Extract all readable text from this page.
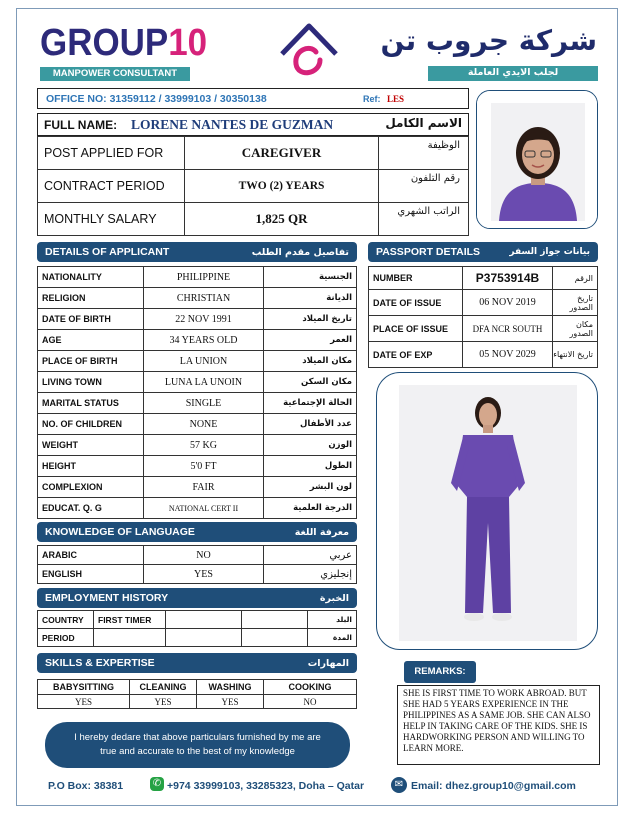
GROUP10
MANPOWER CONSULTANT
شركة جروب تن
لجلب الايدي العاملة
OFFICE NO: 31359112 / 33999103 / 30350138	Ref: LES
FULL NAME: LORENE NANTES DE GUZMAN	الاسم الكامل
POST APPLIED FOR	CAREGIVER	الوظيفة
CONTRACT PERIOD	TWO (2) YEARS	رقم التلفون
MONTHLY SALARY	1,825 QR	الراتب الشهري
DETAILS OF APPLICANT	تفاصيل مقدم الطلب
NATIONALITY	PHILIPPINE	الجنسية
RELIGION	CHRISTIAN	الديانة
DATE OF BIRTH	22 NOV 1991	تاريخ الميلاد
AGE	34 YEARS OLD	العمر
PLACE OF BIRTH	LA UNION	مكان الميلاد
LIVING TOWN	LUNA LA UNOIN	مكان السكن
MARITAL STATUS	SINGLE	الحالة الإجتماعية
NO. OF CHILDREN	NONE	عدد الأطفال
WEIGHT	57 KG	الوزن
HEIGHT	5'0 FT	الطول
COMPLEXION	FAIR	لون البشر
EDUCAT. Q. G	NATIONAL CERT II	الدرجة العلمية
PASSPORT DETAILS	بيانات جواز السفر
NUMBER	P3753914B	الرقم
DATE OF ISSUE	06 NOV 2019	تاريخ الصدور
PLACE OF ISSUE	DFA NCR SOUTH	مكان الصدور
DATE OF EXP	05 NOV 2029	تاريخ الانتهاء
KNOWLEDGE OF LANGUAGE	معرفة اللغة
ARABIC	NO	عربي
ENGLISH	YES	إنجليزي
EMPLOYMENT HISTORY	الخبرة
COUNTRY	FIRST TIMER			البلد
PERIOD				المدة
SKILLS & EXPERTISE	المهارات
BABYSITTING	CLEANING	WASHING	COOKING
YES	YES	YES	NO
REMARKS:
SHE IS FIRST TIME TO WORK ABROAD. BUT SHE HAD 5 YEARS EXPERIENCE IN THE PHILIPPINES AS A SAME JOB. SHE CAN ALSO HELP IN TAKING CARE OF THE KIDS. SHE IS HARDWORKING PERSON AND WILLING TO LEARN MORE.
I hereby dedare that above particulars furnished by me are
true and accurate to the best of my knowledge
P.O Box: 38381	✆ +974 33999103, 33285323, Doha – Qatar	✉ Email: dhez.group10@gmail.com
